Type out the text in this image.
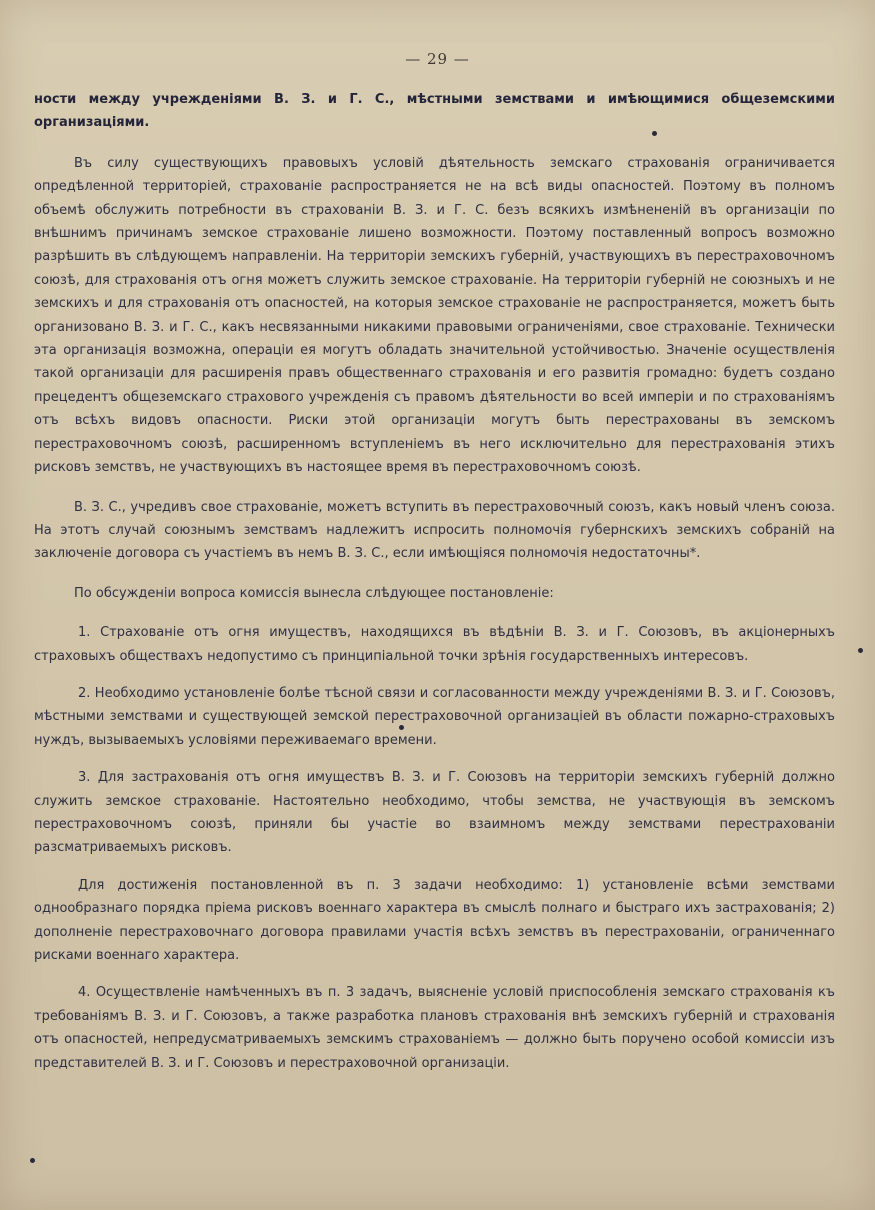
— 29 —

ности между учрежденіями В. З. и Г. С., мѣстными земствами и имѣющимися общеземскими организаціями.

Въ силу существующихъ правовыхъ условій дѣятельность земскаго страхованія ограничивается опредѣленной территоріей, страхованіе распространяется не на всѣ виды опасностей. Поэтому въ полномъ объемѣ обслужить потребности въ страхованіи В. З. и Г. С. безъ всякихъ измѣнененій въ организаціи по внѣшнимъ причинамъ земское страхованіе лишено возможности. Поэтому поставленный вопросъ возможно разрѣшить въ слѣдующемъ направленіи. На территоріи земскихъ губерній, участвующихъ въ перестраховочномъ союзѣ, для страхованія отъ огня можетъ служить земское страхованіе. На территоріи губерній не союзныхъ и не земскихъ и для страхованія отъ опасностей, на которыя земское страхованіе не распространяется, можетъ быть организовано В. З. и Г. С., какъ несвязанными никакими правовыми ограниченіями, свое страхованіе. Технически эта организація возможна, операціи ея могутъ обладать значительной устойчивостью. Значеніе осуществленія такой организаціи для расширенія правъ общественнаго страхованія и его развитія громадно: будетъ создано прецедентъ общеземскаго страхового учрежденія съ правомъ дѣятельности во всей имперіи и по страхованіямъ отъ всѣхъ видовъ опасности. Риски этой организаціи могутъ быть перестрахованы въ земскомъ перестраховочномъ союзѣ, расширенномъ вступленіемъ въ него исключительно для перестрахованія этихъ рисковъ земствъ, не участвующихъ въ настоящее время въ перестраховочномъ союзѣ.

В. З. С., учредивъ свое страхованіе, можетъ вступить въ перестраховочный союзъ, какъ новый членъ союза. На этотъ случай союзнымъ земствамъ надлежитъ испросить полномочія губернскихъ земскихъ собраній на заключеніе договора съ участіемъ въ немъ В. З. С., если имѣющіяся полномочія недостаточны*.

По обсужденіи вопроса комиссія вынесла слѣдующее постановленіе:

1. Страхованіе отъ огня имуществъ, находящихся въ вѣдѣніи В. З. и Г. Союзовъ, въ акціонерныхъ страховыхъ обществахъ недопустимо съ принципіальной точки зрѣнія государственныхъ интересовъ.

2. Необходимо установленіе болѣе тѣсной связи и согласованности между учрежденіями В. З. и Г. Союзовъ, мѣстными земствами и существующей земской перестраховочной организаціей въ области пожарно-страховыхъ нуждъ, вызываемыхъ условіями переживаемаго времени.

3. Для застрахованія отъ огня имуществъ В. З. и Г. Союзовъ на территоріи земскихъ губерній должно служить земское страхованіе. Настоятельно необходимо, чтобы земства, не участвующія въ земскомъ перестраховочномъ союзѣ, приняли бы участіе во взаимномъ между земствами перестрахованіи разсматриваемыхъ рисковъ.

Для достиженія постановленной въ п. 3 задачи необходимо: 1) установленіе всѣми земствами однообразнаго порядка пріема рисковъ военнаго характера въ смыслѣ полнаго и быстраго ихъ застрахованія; 2) дополненіе перестраховочнаго договора правилами участія всѣхъ земствъ въ перестрахованіи, ограниченнаго рисками военнаго характера.

4. Осуществленіе намѣченныхъ въ п. 3 задачъ, выясненіе условій приспособленія земскаго страхованія къ требованіямъ В. З. и Г. Союзовъ, а также разработка плановъ страхованія внѣ земскихъ губерній и страхованія отъ опасностей, непредусматриваемыхъ земскимъ страхованіемъ — должно быть поручено особой комиссіи изъ представителей В. З. и Г. Союзовъ и перестраховочной организаціи.
